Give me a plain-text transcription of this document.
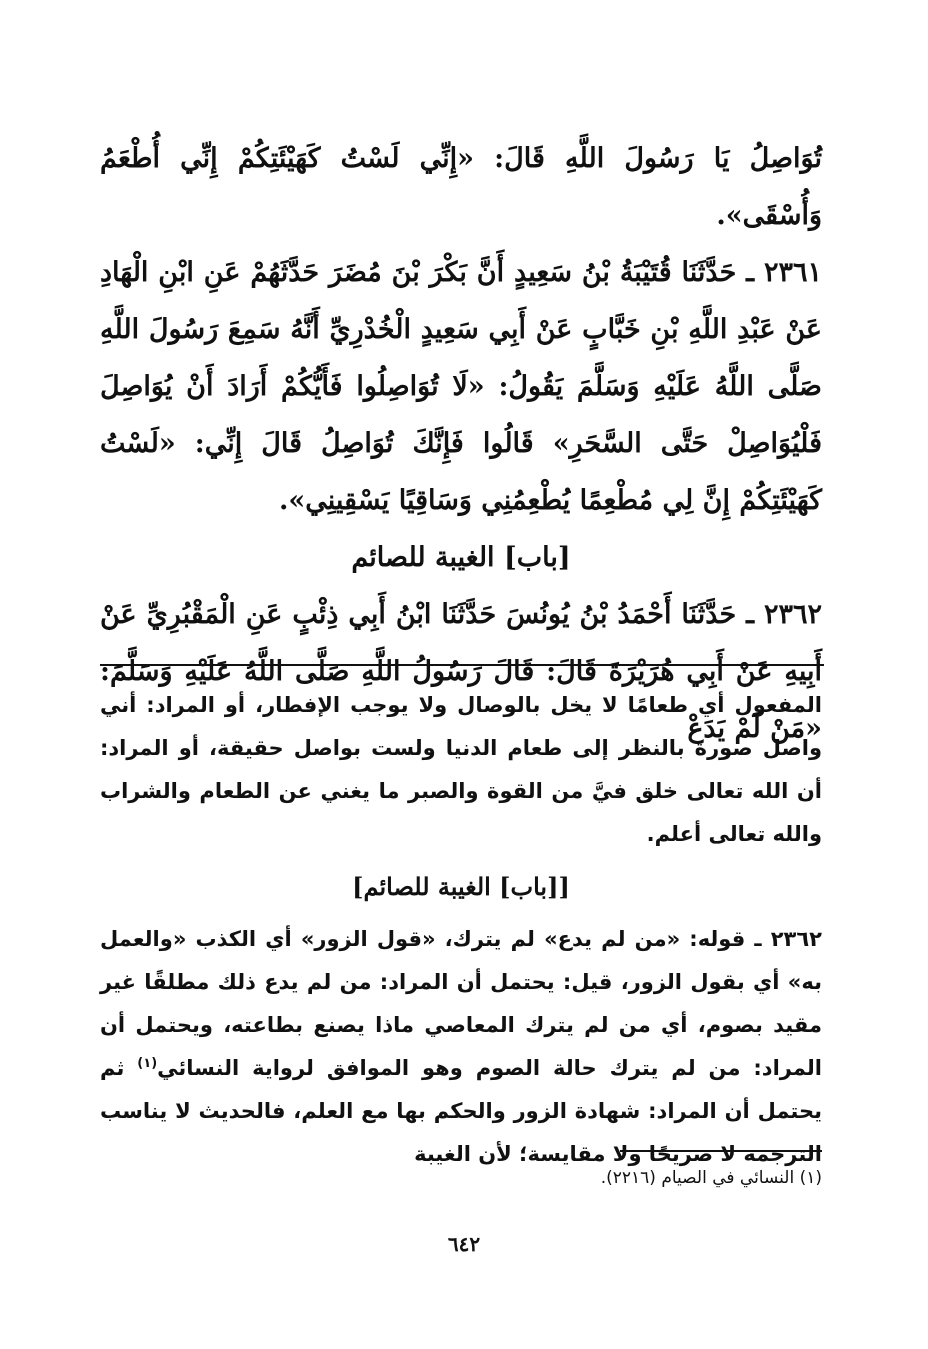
تُوَاصِلُ يَا رَسُولَ اللَّهِ قَالَ: «إِنِّي لَسْتُ كَهَيْئَتِكُمْ إِنِّي أُطْعَمُ وَأُسْقَى».

٢٣٦١ ـ حَدَّثَنَا قُتَيْبَةُ بْنُ سَعِيدٍ أَنَّ بَكْرَ بْنَ مُضَرَ حَدَّثَهُمْ عَنِ ابْنِ الْهَادِ عَنْ عَبْدِ اللَّهِ بْنِ خَبَّابٍ عَنْ أَبِي سَعِيدٍ الْخُدْرِيِّ أَنَّهُ سَمِعَ رَسُولَ اللَّهِ صَلَّى اللَّهُ عَلَيْهِ وَسَلَّمَ يَقُولُ: «لَا تُوَاصِلُوا فَأَيُّكُمْ أَرَادَ أَنْ يُوَاصِلَ فَلْيُوَاصِلْ حَتَّى السَّحَرِ» قَالُوا فَإِنَّكَ تُوَاصِلُ قَالَ إِنِّي: «لَسْتُ كَهَيْئَتِكُمْ إِنَّ لِي مُطْعِمًا يُطْعِمُنِي وَسَاقِيًا يَسْقِينِي».

[باب] الغيبة للصائم

٢٣٦٢ ـ حَدَّثَنَا أَحْمَدُ بْنُ يُونُسَ حَدَّثَنَا ابْنُ أَبِي ذِئْبٍ عَنِ الْمَقْبُرِيِّ عَنْ أَبِيهِ عَنْ أَبِي هُرَيْرَةَ قَالَ: قَالَ رَسُولُ اللَّهِ صَلَّى اللَّهُ عَلَيْهِ وَسَلَّمَ: «مَنْ لَمْ يَدَعْ

المفعول أي طعامًا لا يخل بالوصال ولا يوجب الإفطار، أو المراد: أني واصل صورة بالنظر إلى طعام الدنيا ولست بواصل حقيقة، أو المراد: أن الله تعالى خلق فيَّ من القوة والصبر ما يغني عن الطعام والشراب والله تعالى أعلم.

[[باب] الغيبة للصائم]

٢٣٦٢ ـ قوله: «من لم يدع» لم يترك، «قول الزور» أي الكذب «والعمل به» أي بقول الزور، قيل: يحتمل أن المراد: من لم يدع ذلك مطلقًا غير مقيد بصوم، أي من لم يترك المعاصي ماذا يصنع بطاعته، ويحتمل أن المراد: من لم يترك حالة الصوم وهو الموافق لرواية النسائي$^{(١)}$ ثم يحتمل أن المراد: شهادة الزور والحكم بها مع العلم، فالحديث لا يناسب الترجمة لا صريحًا ولا مقايسة؛ لأن الغيبة

(١) النسائي في الصيام (٢٢١٦).
٦٤٢
